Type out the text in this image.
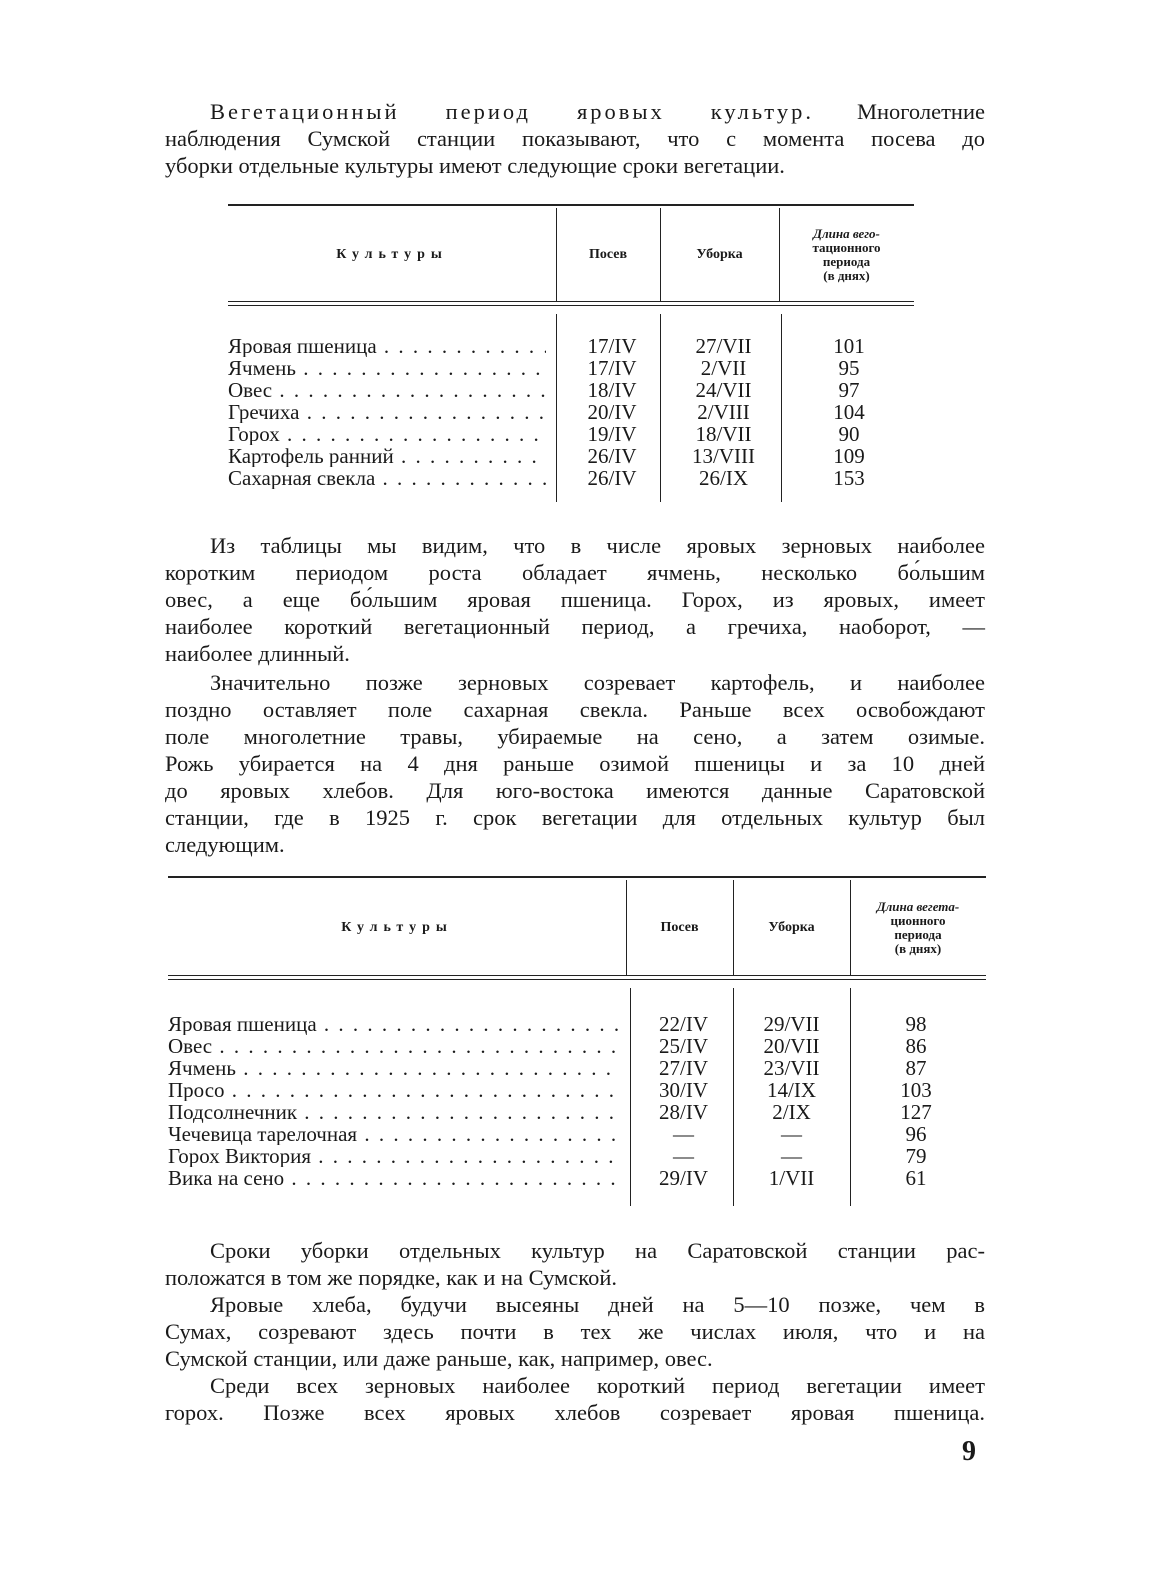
Вегетационный период яровых культур. Многолетние
наблюдения Сумской станции показывают, что с момента посева до
уборки отдельные культуры имеют следующие сроки вегетации.
Культуры	Посев	Уборка
Длина вего-
тационного
периода
(в днях)
Яровая пшеница . . .	17/IV	27/VII	101
Ячмень . . .	17/IV	2/VII	95
Овес . . .	18/IV	24/VII	97
Гречиха . . .	20/IV	2/VIII	104
Горох . . .	19/IV	18/VII	90
Картофель ранний . . .	26/IV	13/VIII	109
Сахарная свекла . . .	26/IV	26/IX	153
Из таблицы мы видим, что в числе яровых зерновых наиболее
коротким периодом роста обладает ячмень, несколько бо́льшим
овес, а еще бо́льшим яровая пшеница. Горох, из яровых, имеет
наиболее короткий вегетационный период, а гречиха, наоборот, —
наиболее длинный.
Значительно позже зерновых созревает картофель, и наиболее
поздно оставляет поле сахарная свекла. Раньше всех освобождают
поле многолетние травы, убираемые на сено, а затем озимые.
Рожь убирается на 4 дня раньше озимой пшеницы и за 10 дней
до яровых хлебов. Для юго-востока имеются данные Саратовской
станции, где в 1925 г. срок вегетации для отдельных культур был
следующим.
Культуры	Посев	Уборка
Длина вегета-
ционного
периода
(в днях)
Яровая пшеница . . .	22/IV	29/VII	98
Овес . . .	25/IV	20/VII	86
Ячмень . . .	27/IV	23/VII	87
Просо . . .	30/IV	14/IX	103
Подсолнечник . . .	28/IV	2/IX	127
Чечевица тарелочная . . .	—	—	96
Горох Виктория . . .	—	—	79
Вика на сено . . .	29/IV	1/VII	61
Сроки уборки отдельных культур на Саратовской станции рас-
положатся в том же порядке, как и на Сумской.
Яровые хлеба, будучи высеяны дней на 5—10 позже, чем в
Сумах, созревают здесь почти в тех же числах июля, что и на
Сумской станции, или даже раньше, как, например, овес.
Среди всех зерновых наиболее короткий период вегетации имеет
горох. Позже всех яровых хлебов созревает яровая пшеница.
9
